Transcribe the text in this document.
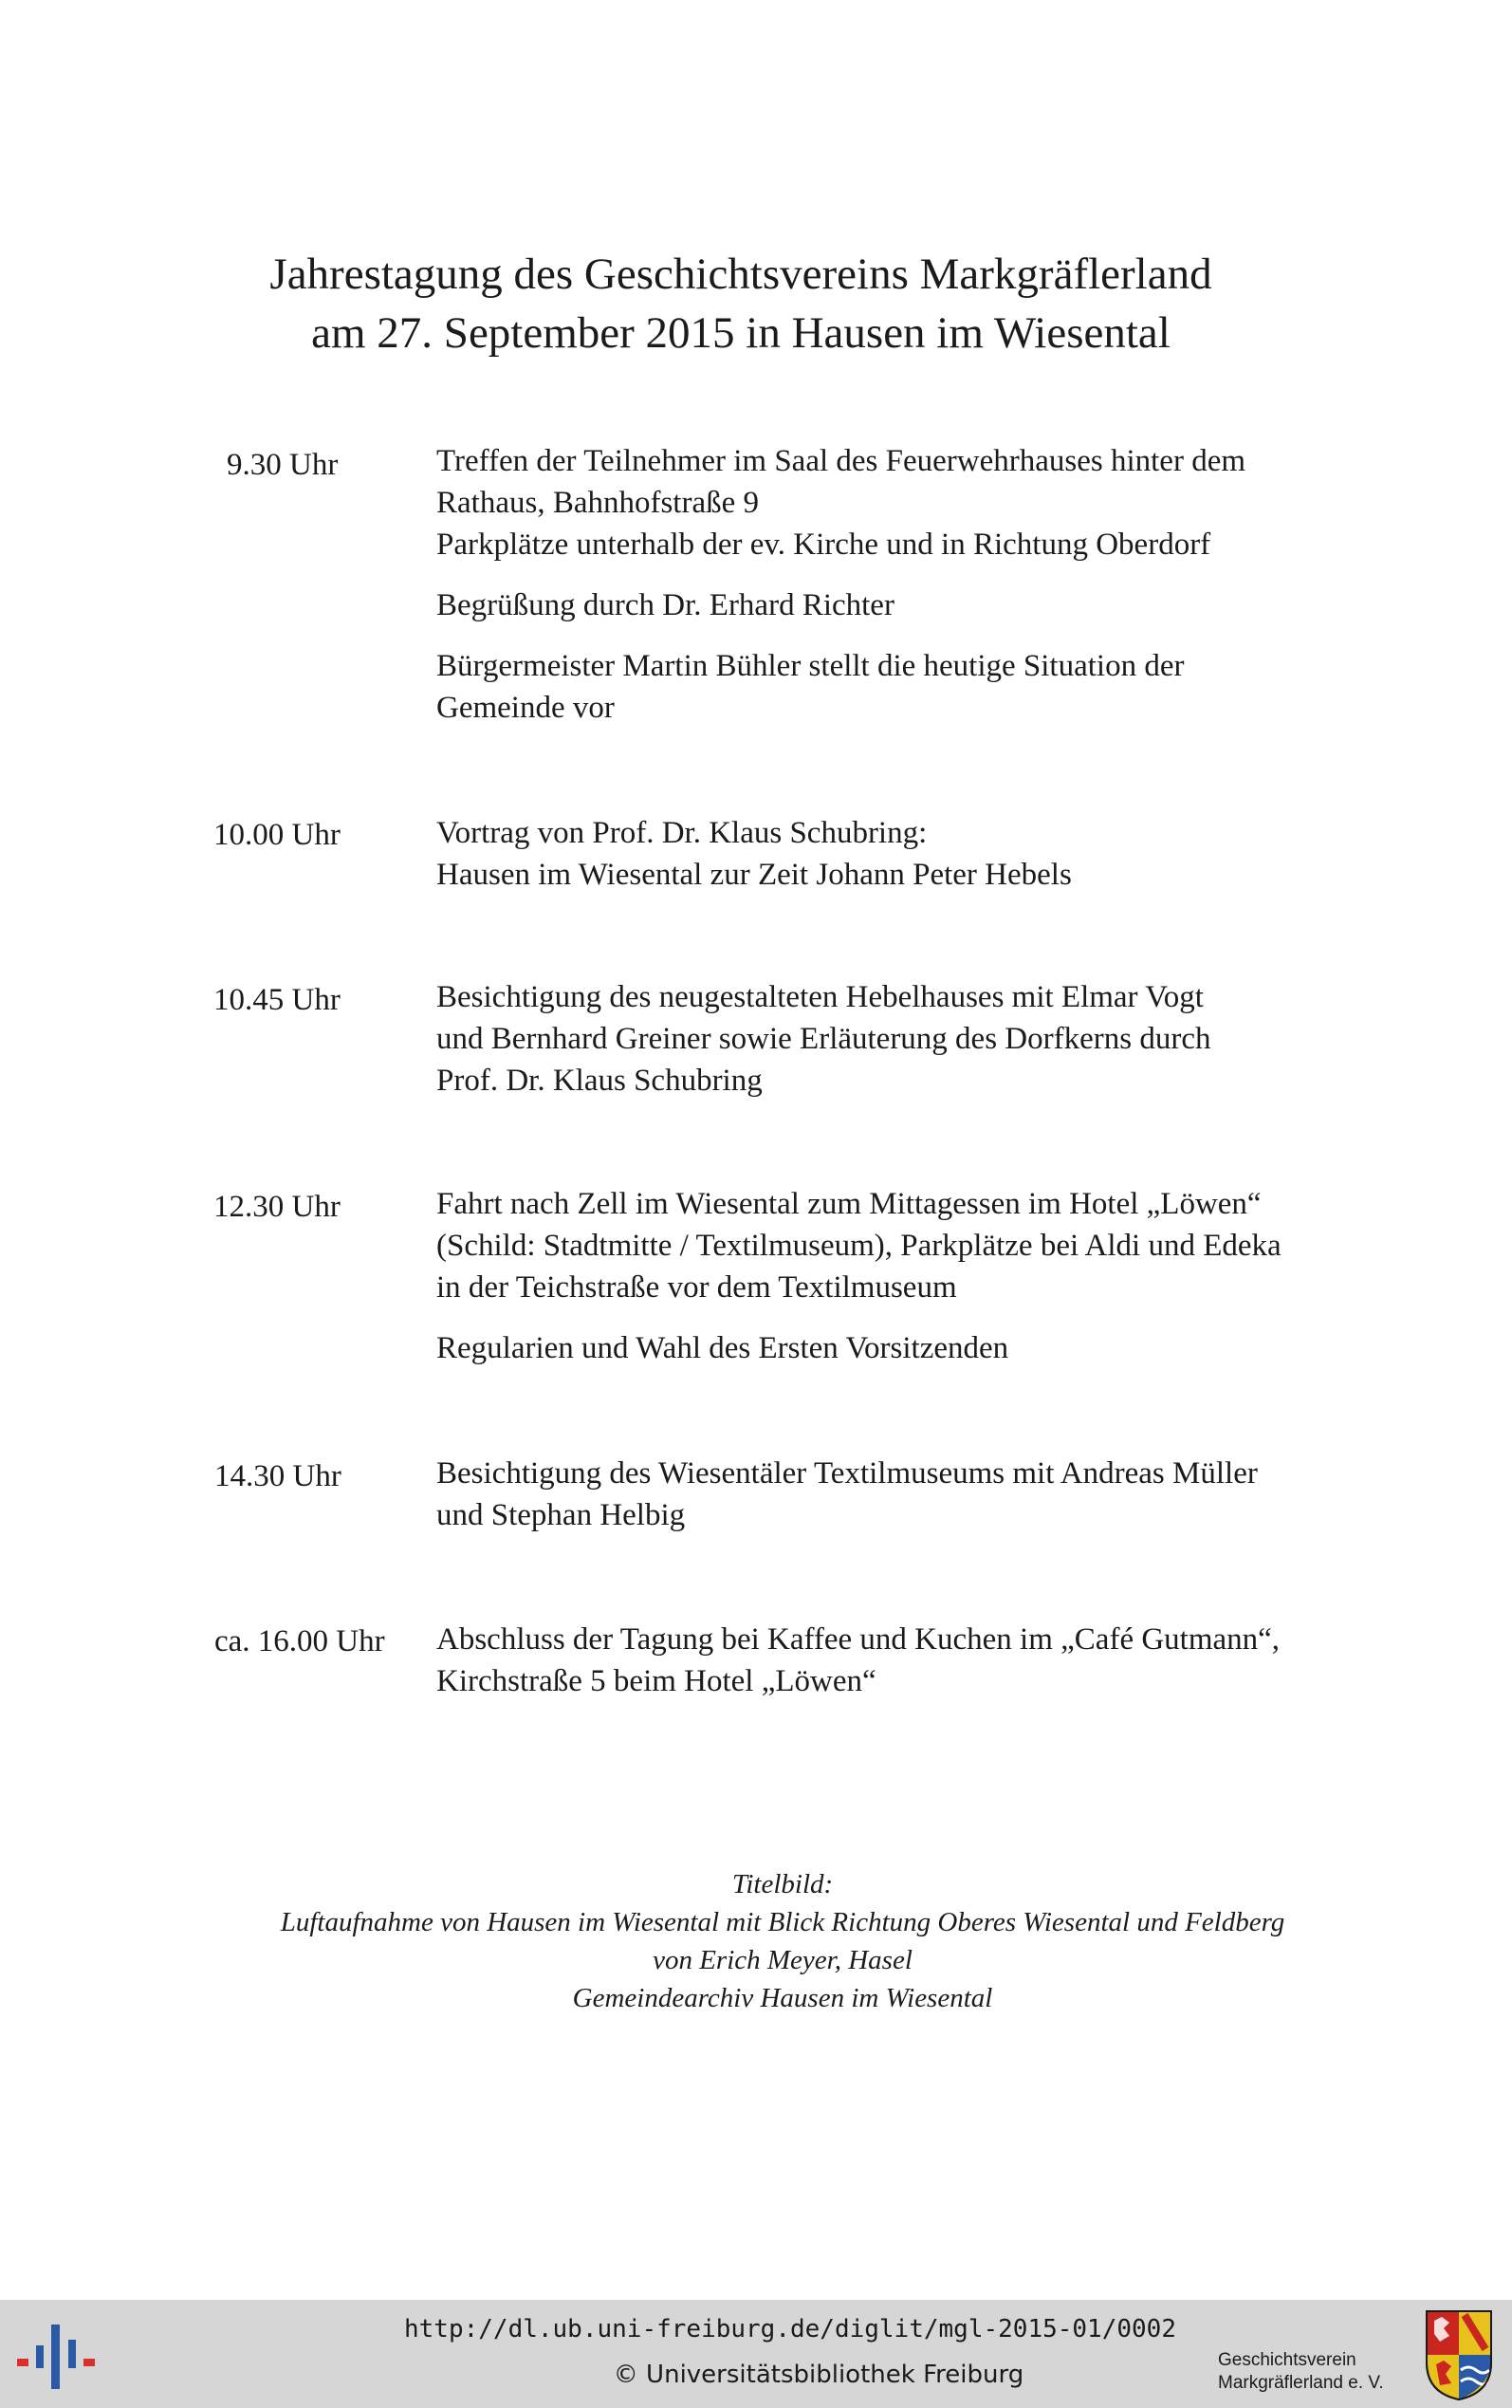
Jahrestagung des Geschichtsvereins Markgräflerland
am 27. September 2015 in Hausen im Wiesental
9.30 Uhr	Treffen der Teilnehmer im Saal des Feuerwehrhauses hinter dem
Rathaus, Bahnhofstraße 9
Parkplätze unterhalb der ev. Kirche und in Richtung Oberdorf

Begrüßung durch Dr. Erhard Richter

Bürgermeister Martin Bühler stellt die heutige Situation der
Gemeinde vor

10.00 Uhr	Vortrag von Prof. Dr. Klaus Schubring:
Hausen im Wiesental zur Zeit Johann Peter Hebels

10.45 Uhr	Besichtigung des neugestalteten Hebelhauses mit Elmar Vogt
und Bernhard Greiner sowie Erläuterung des Dorfkerns durch
Prof. Dr. Klaus Schubring

12.30 Uhr	Fahrt nach Zell im Wiesental zum Mittagessen im Hotel „Löwen“
(Schild: Stadtmitte / Textilmuseum), Parkplätze bei Aldi und Edeka
in der Teichstraße vor dem Textilmuseum

Regularien und Wahl des Ersten Vorsitzenden

14.30 Uhr	Besichtigung des Wiesentäler Textilmuseums mit Andreas Müller
und Stephan Helbig

ca. 16.00 Uhr Abschluss der Tagung bei Kaffee und Kuchen im „Café Gutmann“,
Kirchstraße 5 beim Hotel „Löwen“

Titelbild:
Luftaufnahme von Hausen im Wiesental mit Blick Richtung Oberes Wiesental und Feldberg
von Erich Meyer, Hasel
Gemeindearchiv Hausen im Wiesental
http://dl.ub.uni-freiburg.de/diglit/mgl-2015-01/0002
© Universitätsbibliothek Freiburg
Geschichtsverein
Markgräflerland e. V.
